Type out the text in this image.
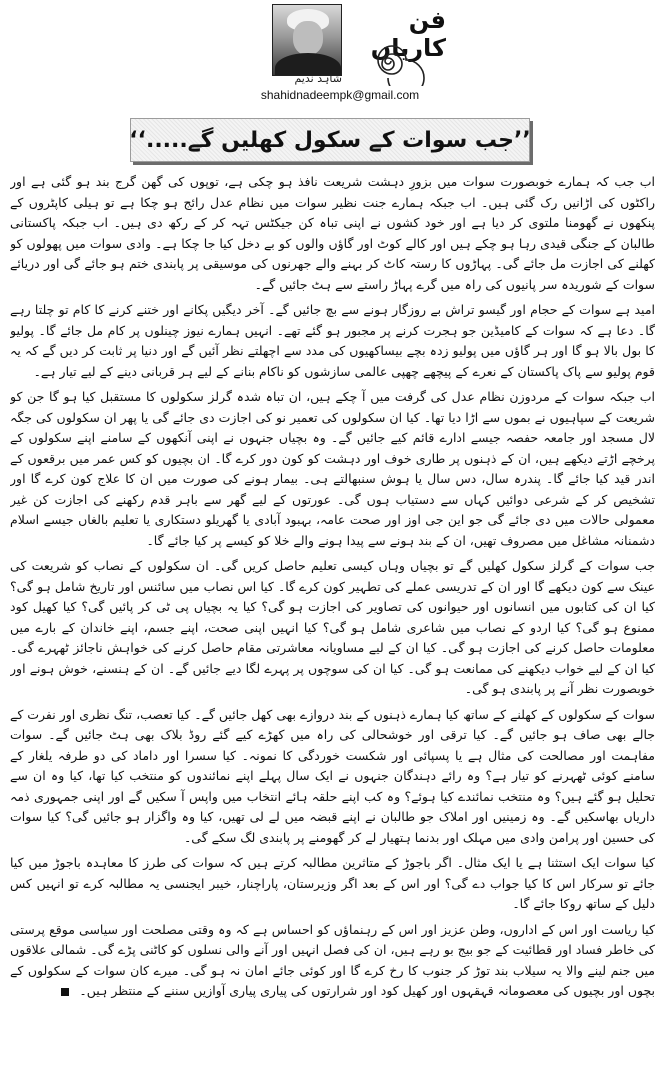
فن کاریاں
شاہد ندیم
shahidnadeempk@gmail.com
’’جب سوات کے سکول کھلیں گے.....‘‘

اب جب کہ ہمارے خوبصورت سوات میں بزورِ دہشت شریعت نافذ ہو چکی ہے، توپوں کی گھن گرج بند ہو گئی ہے اور راکٹوں کی اڑانیں رک گئی ہیں۔ اب جبکہ ہمارے جنت نظیر سوات میں نظام عدل رائج ہو چکا ہے تو ہیلی کاپٹروں کے پنکھوں نے گھومنا ملتوی کر دیا ہے اور خود کشوں نے اپنی تباہ کن جیکٹس تہہ کر کے رکھ دی ہیں۔ اب جبکہ پاکستانی طالبان کے جنگی قیدی رہا ہو چکے ہیں اور کالے کوٹ اور گاؤں والوں کو بے دخل کیا جا چکا ہے۔ وادی سوات میں پھولوں کو کھلنے کی اجازت مل جائے گی۔ پہاڑوں کا رستہ کاٹ کر بہنے والے جھرنوں کی موسیقی پر پابندی ختم ہو جائے گی اور دریائے سوات کے شوریدہ سر پانیوں کی راہ میں گرے پہاڑ راستے سے ہٹ جائیں گے۔

امید ہے سوات کے حجام اور گیسو تراش بے روزگار ہونے سے بچ جائیں گے۔ آخر دیگیں پکانے اور ختنے کرنے کا کام تو چلتا رہے گا۔ دعا ہے کہ سوات کے کامیڈین جو ہجرت کرنے پر مجبور ہو گئے تھے۔ انہیں ہمارے نیوز چینلوں پر کام مل جائے گا۔ پولیو کا بول بالا ہو گا اور ہر گاؤں میں پولیو زدہ بچے بیساکھیوں کی مدد سے اچھلتے نظر آئیں گے اور دنیا پر ثابت کر دیں گے کہ یہ قوم پولیو سے پاک پاکستان کے نعرے کے پیچھے چھپی عالمی سازشوں کو ناکام بنانے کے لیے ہر قربانی دینے کے لیے تیار ہے۔

اب جبکہ سوات کے مردوزن نظام عدل کی گرفت میں آ چکے ہیں، ان تباہ شدہ گرلز سکولوں کا مستقبل کیا ہو گا جن کو شریعت کے سپاہیوں نے بموں سے اڑا دیا تھا۔ کیا ان سکولوں کی تعمیر نو کی اجازت دی جائے گی یا پھر ان سکولوں کی جگہ لال مسجد اور جامعہ حفصہ جیسے ادارے قائم کیے جائیں گے۔ وہ بچیاں جنہوں نے اپنی آنکھوں کے سامنے اپنے سکولوں کے پرخچے اڑتے دیکھے ہیں، ان کے ذہنوں پر طاری خوف اور دہشت کو کون دور کرے گا۔ ان بچیوں کو کس عمر میں برقعوں کے اندر قید کیا جائے گا۔ پندرہ سال، دس سال یا ہوش سنبھالتے ہی۔ بیمار ہونے کی صورت میں ان کا علاج کون کرے گا اور تشخیص کر کے شرعی دوائیں کہاں سے دستیاب ہوں گی۔ عورتوں کے لیے گھر سے باہر قدم رکھنے کی اجازت کن غیر معمولی حالات میں دی جائے گی جو این جی اوز اور صحت عامہ، بہبود آبادی یا گھریلو دستکاری یا تعلیم بالغاں جیسے اسلام دشمنانہ مشاغل میں مصروف تھیں، ان کے بند ہونے سے پیدا ہونے والے خلا کو کیسے پر کیا جائے گا۔

جب سوات کے گرلز سکول کھلیں گے تو بچیاں وہاں کیسی تعلیم حاصل کریں گی۔ ان سکولوں کے نصاب کو شریعت کی عینک سے کون دیکھے گا اور ان کے تدریسی عملے کی تطہیر کون کرے گا۔ کیا اس نصاب میں سائنس اور تاریخ شامل ہو گی؟ کیا ان کی کتابوں میں انسانوں اور حیوانوں کی تصاویر کی اجازت ہو گی؟ کیا یہ بچیاں پی ٹی کر پائیں گی؟ کیا کھیل کود ممنوع ہو گی؟ کیا اردو کے نصاب میں شاعری شامل ہو گی؟ کیا انہیں اپنی صحت، اپنے جسم، اپنے خاندان کے بارے میں معلومات حاصل کرنے کی اجازت ہو گی۔ کیا ان کے لیے مساویانہ معاشرتی مقام حاصل کرنے کی خواہش ناجائز ٹھہرے گی۔ کیا ان کے لیے خواب دیکھنے کی ممانعت ہو گی۔ کیا ان کی سوچوں پر پہرے لگا دیے جائیں گے۔ ان کے ہنسنے، خوش ہونے اور خوبصورت نظر آنے پر پابندی ہو گی۔

سوات کے سکولوں کے کھلنے کے ساتھ کیا ہمارے ذہنوں کے بند دروازے بھی کھل جائیں گے۔ کیا تعصب، تنگ نظری اور نفرت کے جالے بھی صاف ہو جائیں گے۔ کیا ترقی اور خوشحالی کی راہ میں کھڑے کیے گئے روڈ بلاک بھی ہٹ جائیں گے۔ سوات مفاہمت اور مصالحت کی مثال ہے یا پسپائی اور شکست خوردگی کا نمونہ۔ کیا سسرا اور داماد کی دو طرفہ یلغار کے سامنے کوئی ٹھہرنے کو تیار ہے؟ وہ رائے دہندگان جنہوں نے ایک سال پہلے اپنے نمائندوں کو منتخب کیا تھا، کیا وہ ان سے تحلیل ہو گئے ہیں؟ وہ منتخب نمائندے کیا ہوئے؟ وہ کب اپنے حلقہ ہائے انتخاب میں واپس آ سکیں گے اور اپنی جمہوری ذمہ داریاں بھاسکیں گے۔ وہ زمینیں اور املاک جو طالبان نے اپنے قبضہ میں لے لی تھیں، کیا وہ واگزار ہو جائیں گی؟ کیا سوات کی حسین اور پرامن وادی میں مہلک اور بدنما ہتھیار لے کر گھومنے پر پابندی لگ سکے گی۔

کیا سوات ایک استثنا ہے یا ایک مثال۔ اگر باجوڑ کے متاثرین مطالبہ کرتے ہیں کہ سوات کی طرز کا معاہدہ باجوڑ میں کیا جائے تو سرکار اس کا کیا جواب دے گی؟ اور اس کے بعد اگر وزیرستان، پاراچنار، خیبر ایجنسی یہ مطالبہ کرے تو انہیں کس دلیل کے ساتھ روکا جائے گا۔

کیا ریاست اور اس کے اداروں، وطن عزیز اور اس کے رہنماؤں کو احساس ہے کہ وہ وقتی مصلحت اور سیاسی موقع پرستی کی خاطر فساد اور قطائیت کے جو بیج بو رہے ہیں، ان کی فصل انہیں اور آنے والی نسلوں کو کاٹنی پڑے گی۔ شمالی علاقوں میں جنم لینے والا یہ سیلاب بند توڑ کر جنوب کا رخ کرے گا اور کوئی جائے امان نہ ہو گی۔ میرے کان سوات کے سکولوں کے بچوں اور بچیوں کی معصومانہ قہقہوں اور کھیل کود اور شرارتوں کی پیاری پیاری آوازیں سننے کے منتظر ہیں۔
